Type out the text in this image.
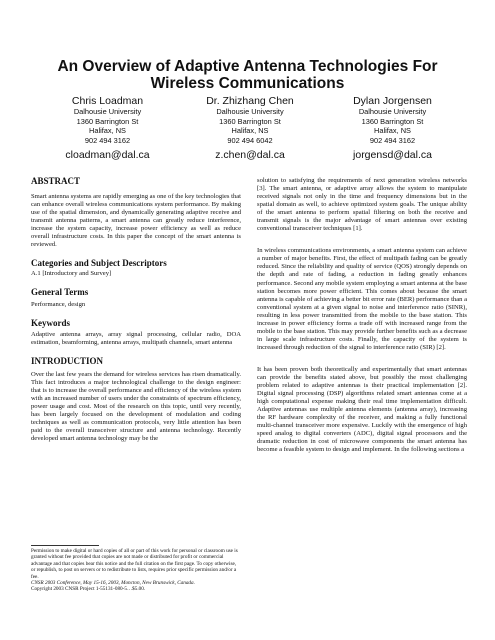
An Overview of Adaptive Antenna Technologies For
Wireless Communications
Chris Loadman
Dalhousie University
1360 Barrington St
Halifax, NS
902 494 3162
cloadman@dal.ca
Dr. Zhizhang Chen
Dalhousie University
1360 Barrington St
Halifax, NS
902 494 6042
z.chen@dal.ca
Dylan Jorgensen
Dalhousie University
1360 Barrington St
Halifax, NS
902 494 3162
jorgensd@dal.ca
ABSTRACT

Smart antenna systems are rapidly emerging as one of the key technologies that can enhance overall wireless communications system performance. By making use of the spatial dimension, and dynamically generating adaptive receive and transmit antenna patterns, a smart antenna can greatly reduce interference, increase the system capacity, increase power efficiency as well as reduce overall infrastructure costs. In this paper the concept of the smart antenna is reviewed.

Categories and Subject Descriptors

A.1 [Introductory and Survey]

General Terms

Performance, design

Keywords

Adaptive antenna arrays, array signal processing, cellular radio, DOA estimation, beamforming, antenna arrays, multipath channels, smart antenna

INTRODUCTION

Over the last few years the demand for wireless services has risen dramatically. This fact introduces a major technological challenge to the design engineer: that is to increase the overall performance and efficiency of the wireless system with an increased number of users under the constraints of spectrum efficiency, power usage and cost. Most of the research on this topic, until very recently, has been largely focused on the development of modulation and coding techniques as well as communication protocols, very little attention has been paid to the overall transceiver structure and antenna technology. Recently developed smart antenna technology may be the

Permission to make digital or hard copies of all or part of this work for personal or classroom use is granted without fee provided that copies are not made or distributed for profit or commercial advantage and that copies bear this notice and the full citation on the first page. To copy otherwise, or republish, to post on servers or to redistribute to lists, requires prior specific permission and/or a fee.
CNSR 2003 Conference, May 15-16, 2003, Moncton, New Brunswick, Canada.
Copyright 2003 CNSR Project 1-55131-080-5…$5.00.

solution to satisfying the requirements of next generation wireless networks [3]. The smart antenna, or adaptive array allows the system to manipulate received signals not only in the time and frequency dimensions but in the spatial domain as well, to achieve optimized system goals. The unique ability of the smart antenna to perform spatial filtering on both the receive and transmit signals is the major advantage of smart antennas over existing conventional transceiver techniques [1].

In wireless communications environments, a smart antenna system can achieve a number of major benefits. First, the effect of multipath fading can be greatly reduced. Since the reliability and quality of service (QOS) strongly depends on the depth and rate of fading, a reduction in fading greatly enhances performance. Second any mobile system employing a smart antenna at the base station becomes more power efficient. This comes about because the smart antenna is capable of achieving a better bit error rate (BER) performance than a conventional system at a given signal to noise and interference ratio (SINR), resulting in less power transmitted from the mobile to the base station. This increase in power efficiency forms a trade off with increased range from the mobile to the base station. This may provide further benefits such as a decrease in large scale infrastructure costs. Finally, the capacity of the system is increased through reduction of the signal to interference ratio (SIR) [2].

It has been proven both theoretically and experimentally that smart antennas can provide the benefits stated above, but possibly the most challenging problem related to adaptive antennas is their practical implementation [2]. Digital signal processing (DSP) algorithms related smart antennas come at a high computational expense making their real time implementation difficult. Adaptive antennas use multiple antenna elements (antenna array), increasing the RF hardware complexity of the receiver, and making a fully functional multi-channel transceiver more expensive. Luckily with the emergence of high speed analog to digital converters (ADC), digital signal processors and the dramatic reduction in cost of microwave components the smart antenna has become a feasible system to design and implement. In the following sections a
